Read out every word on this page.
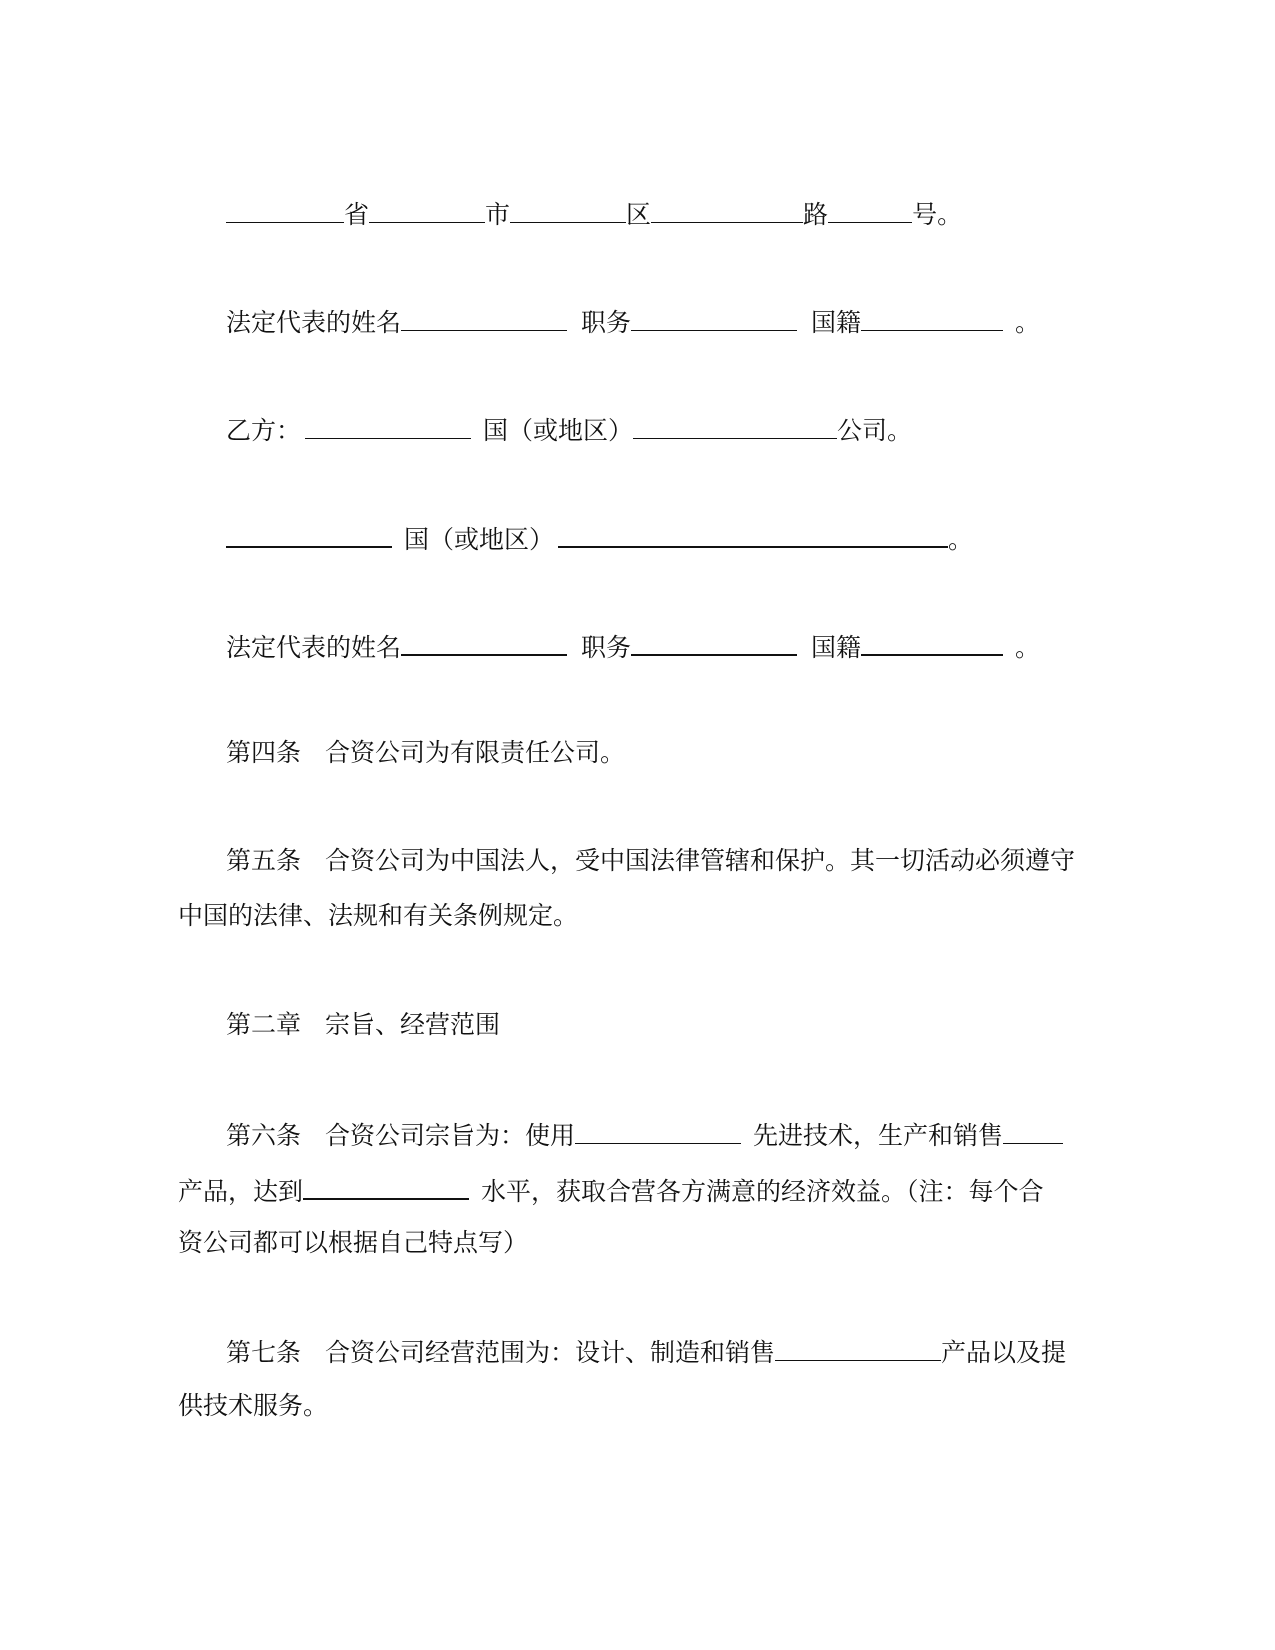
省	市	区	路	号。
法定代表的姓名	职务	国籍	。
乙方：	国（或地区）	公司。
国（或地区）	。
法定代表的姓名	职务	国籍	。
第四条 合资公司为有限责任公司。
第五条 合资公司为中国法人，受中国法律管辖和保护。其一切活动必须遵守
中国的法律、法规和有关条例规定。
第二章 宗旨、经营范围
第六条 合资公司宗旨为：使用	先进技术，生产和销售
产品，达到	水平，获取合营各方满意的经济效益。（注：每个合
资公司都可以根据自己特点写）
第七条 合资公司经营范围为：设计、制造和销售	产品以及提
供技术服务。
